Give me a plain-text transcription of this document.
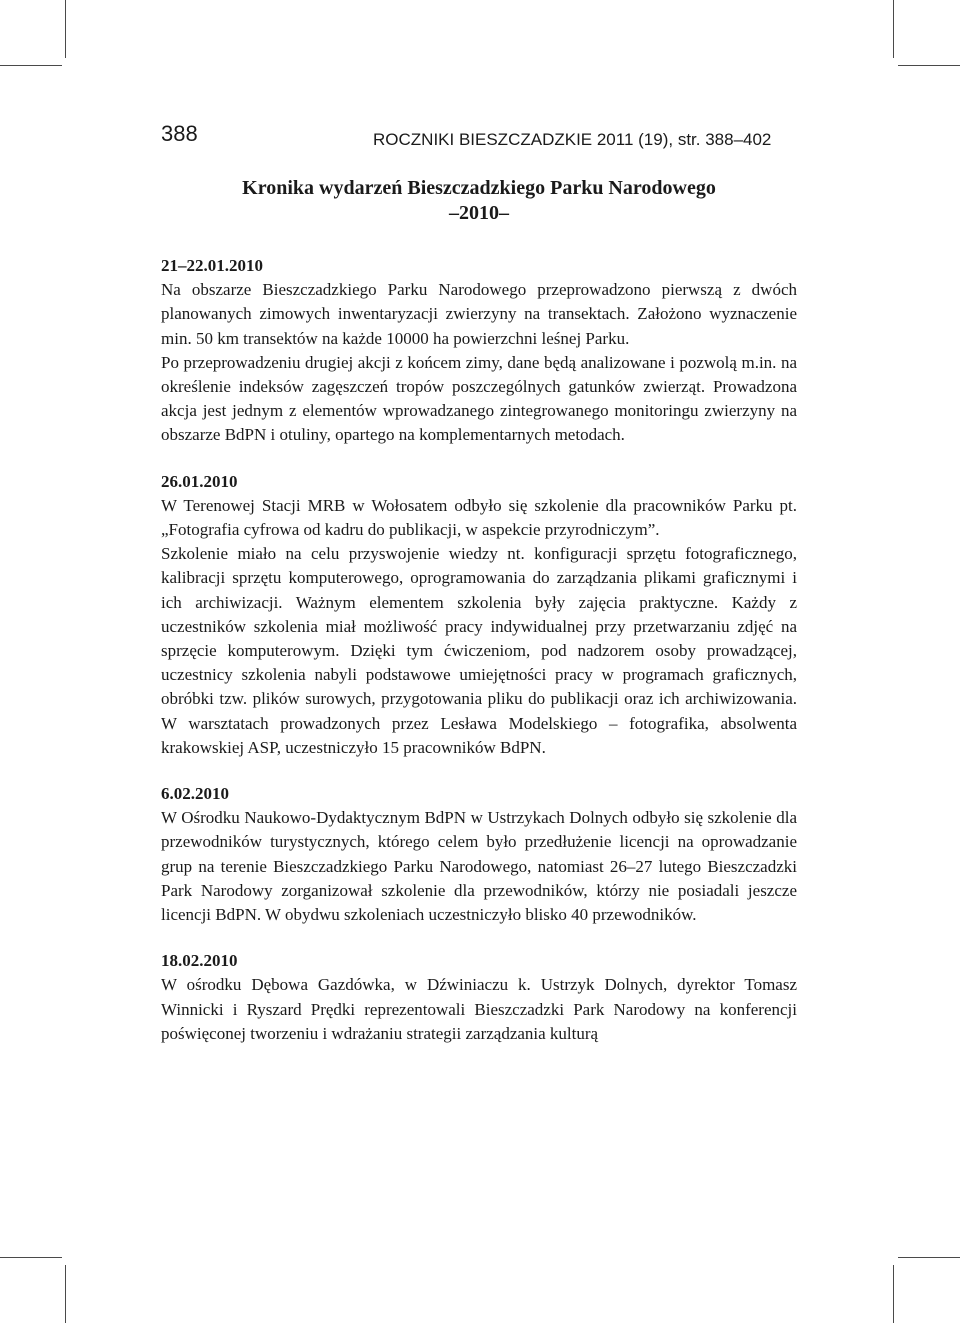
388	ROCZNIKI BIESZCZADZKIE 2011 (19), str. 388–402

Kronika wydarzeń Bieszczadzkiego Parku Narodowego
–2010–

21–22.01.2010

Na obszarze Bieszczadzkiego Parku Narodowego przeprowadzono pierwszą z dwóch planowanych zimowych inwentaryzacji zwierzyny na transektach. Założono wyznaczenie min. 50 km transektów na każde 10000 ha powierzchni leśnej Parku.

Po przeprowadzeniu drugiej akcji z końcem zimy, dane będą analizowane i pozwolą m.in. na określenie indeksów zagęszczeń tropów poszczególnych gatunków zwierząt. Prowadzona akcja jest jednym z elementów wprowadzanego zintegrowanego monitoringu zwierzyny na obszarze BdPN i otuliny, opartego na komplementarnych metodach.

26.01.2010

W Terenowej Stacji MRB w Wołosatem odbyło się szkolenie dla pracowników Parku pt. „Fotografia cyfrowa od kadru do publikacji, w aspekcie przyrodniczym”.

Szkolenie miało na celu przyswojenie wiedzy nt. konfiguracji sprzętu fotograficznego, kalibracji sprzętu komputerowego, oprogramowania do zarządzania plikami graficznymi i ich archiwizacji. Ważnym elementem szkolenia były zajęcia praktyczne. Każdy z uczestników szkolenia miał możliwość pracy indywidualnej przy przetwarzaniu zdjęć na sprzęcie komputerowym. Dzięki tym ćwiczeniom, pod nadzorem osoby prowadzącej, uczestnicy szkolenia nabyli podstawowe umiejętności pracy w programach graficznych, obróbki tzw. plików surowych, przygotowania pliku do publikacji oraz ich archiwizowania. W warsztatach prowadzonych przez Lesława Modelskiego – fotografika, absolwenta krakowskiej ASP, uczestniczyło 15 pracowników BdPN.

6.02.2010

W Ośrodku Naukowo-Dydaktycznym BdPN w Ustrzykach Dolnych odbyło się szkolenie dla przewodników turystycznych, którego celem było przedłużenie licencji na oprowadzanie grup na terenie Bieszczadzkiego Parku Narodowego, natomiast 26–27 lutego Bieszczadzki Park Narodowy zorganizował szkolenie dla przewodników, którzy nie posiadali jeszcze licencji BdPN. W obydwu szkoleniach uczestniczyło blisko 40 przewodników.

18.02.2010

W ośrodku Dębowa Gazdówka, w Dźwiniaczu k. Ustrzyk Dolnych, dyrektor Tomasz Winnicki i Ryszard Prędki reprezentowali Bieszczadzki Park Narodowy na konferencji poświęconej tworzeniu i wdrażaniu strategii zarządzania kulturą
